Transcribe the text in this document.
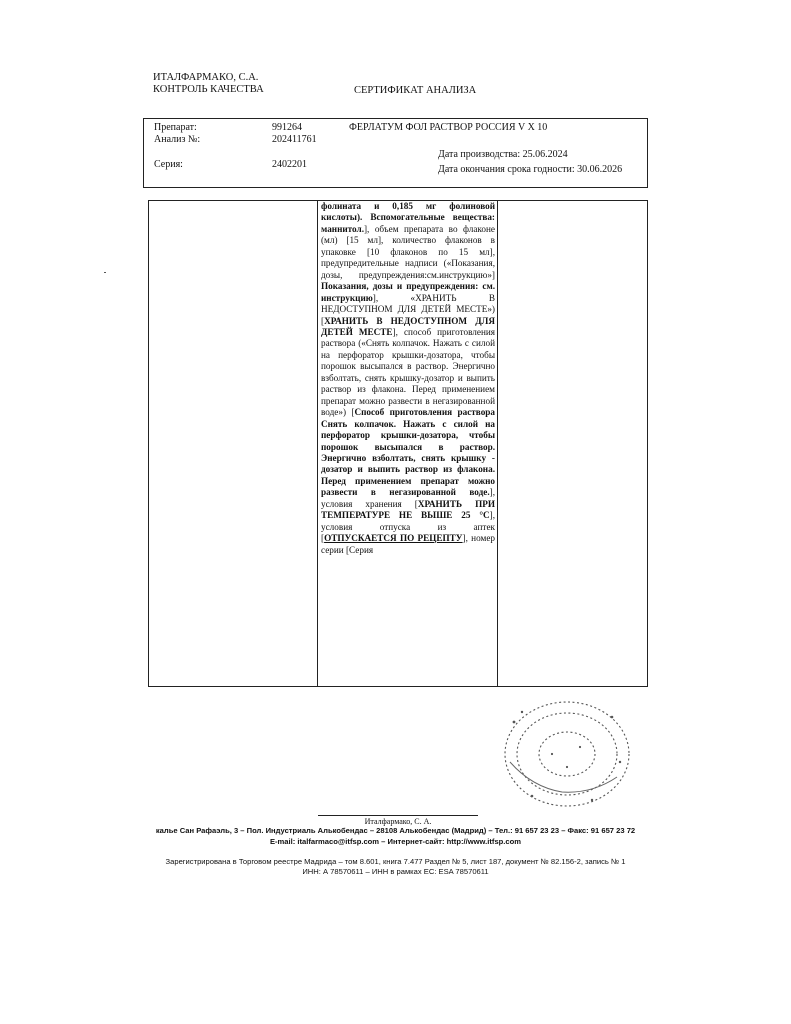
ИТАЛФАРМАКО, С.А.
КОНТРОЛЬ КАЧЕСТВА	СЕРТИФИКАТ АНАЛИЗА
Препарат:	991264	ФЕРЛАТУМ ФОЛ РАСТВОР РОССИЯ V X 10
Анализ №:	202411761
Дата производства: 25.06.2024
Серия:	2402201	Дата окончания срока годности: 30.06.2026
фолината и 0,185 мг фолиновой кислоты). Вспомогательные вещества: маннитол.], объем препарата во флаконе (мл) [15 мл], количество флаконов в упаковке [10 флаконов по 15 мл], предупредительные надписи («Показания, дозы, предупреждения:см.инструкцию»] Показания, дозы и предупреждения: см. инструкцию], «ХРАНИТЬ В НЕДОСТУПНОМ ДЛЯ ДЕТЕЙ МЕСТЕ») [ХРАНИТЬ В НЕДОСТУПНОМ ДЛЯ ДЕТЕЙ МЕСТЕ], способ приготовления раствора («Снять колпачок. Нажать с силой на перфоратор крышки-дозатора, чтобы порошок высыпался в раствор. Энергично взболтать, снять крышку-дозатор и выпить раствор из флакона. Перед применением препарат можно развести в негазированной воде») [Способ приготовления раствора Снять колпачок. Нажать с силой на перфоратор крышки-дозатора, чтобы порошок высыпался в раствор. Энергично взболтать, снять крышку - дозатор и выпить раствор из флакона. Перед применением препарат можно развести в негазированной воде.], условия хранения [ХРАНИТЬ ПРИ ТЕМПЕРАТУРЕ НЕ ВЫШЕ 25 °С], условия отпуска из аптек [ОТПУСКАЕТСЯ ПО РЕЦЕПТУ], номер серии [Серия
Италфармако, С. А.
калье Сан Рафаэль, 3 – Пол. Индустриаль Алькобендас – 28108 Алькобендас (Мадрид) – Тел.: 91 657 23 23 – Факс: 91 657 23 72
E-mail: italfarmaco@itfsp.com – Интернет-сайт: http://www.itfsp.com
Зарегистрирована в Торговом реестре Мадрида – том 8.601, книга 7.477 Раздел № 5, лист 187, документ № 82.156-2, запись № 1
ИНН: А 78570611 – ИНН в рамках ЕС: ESA 78570611
